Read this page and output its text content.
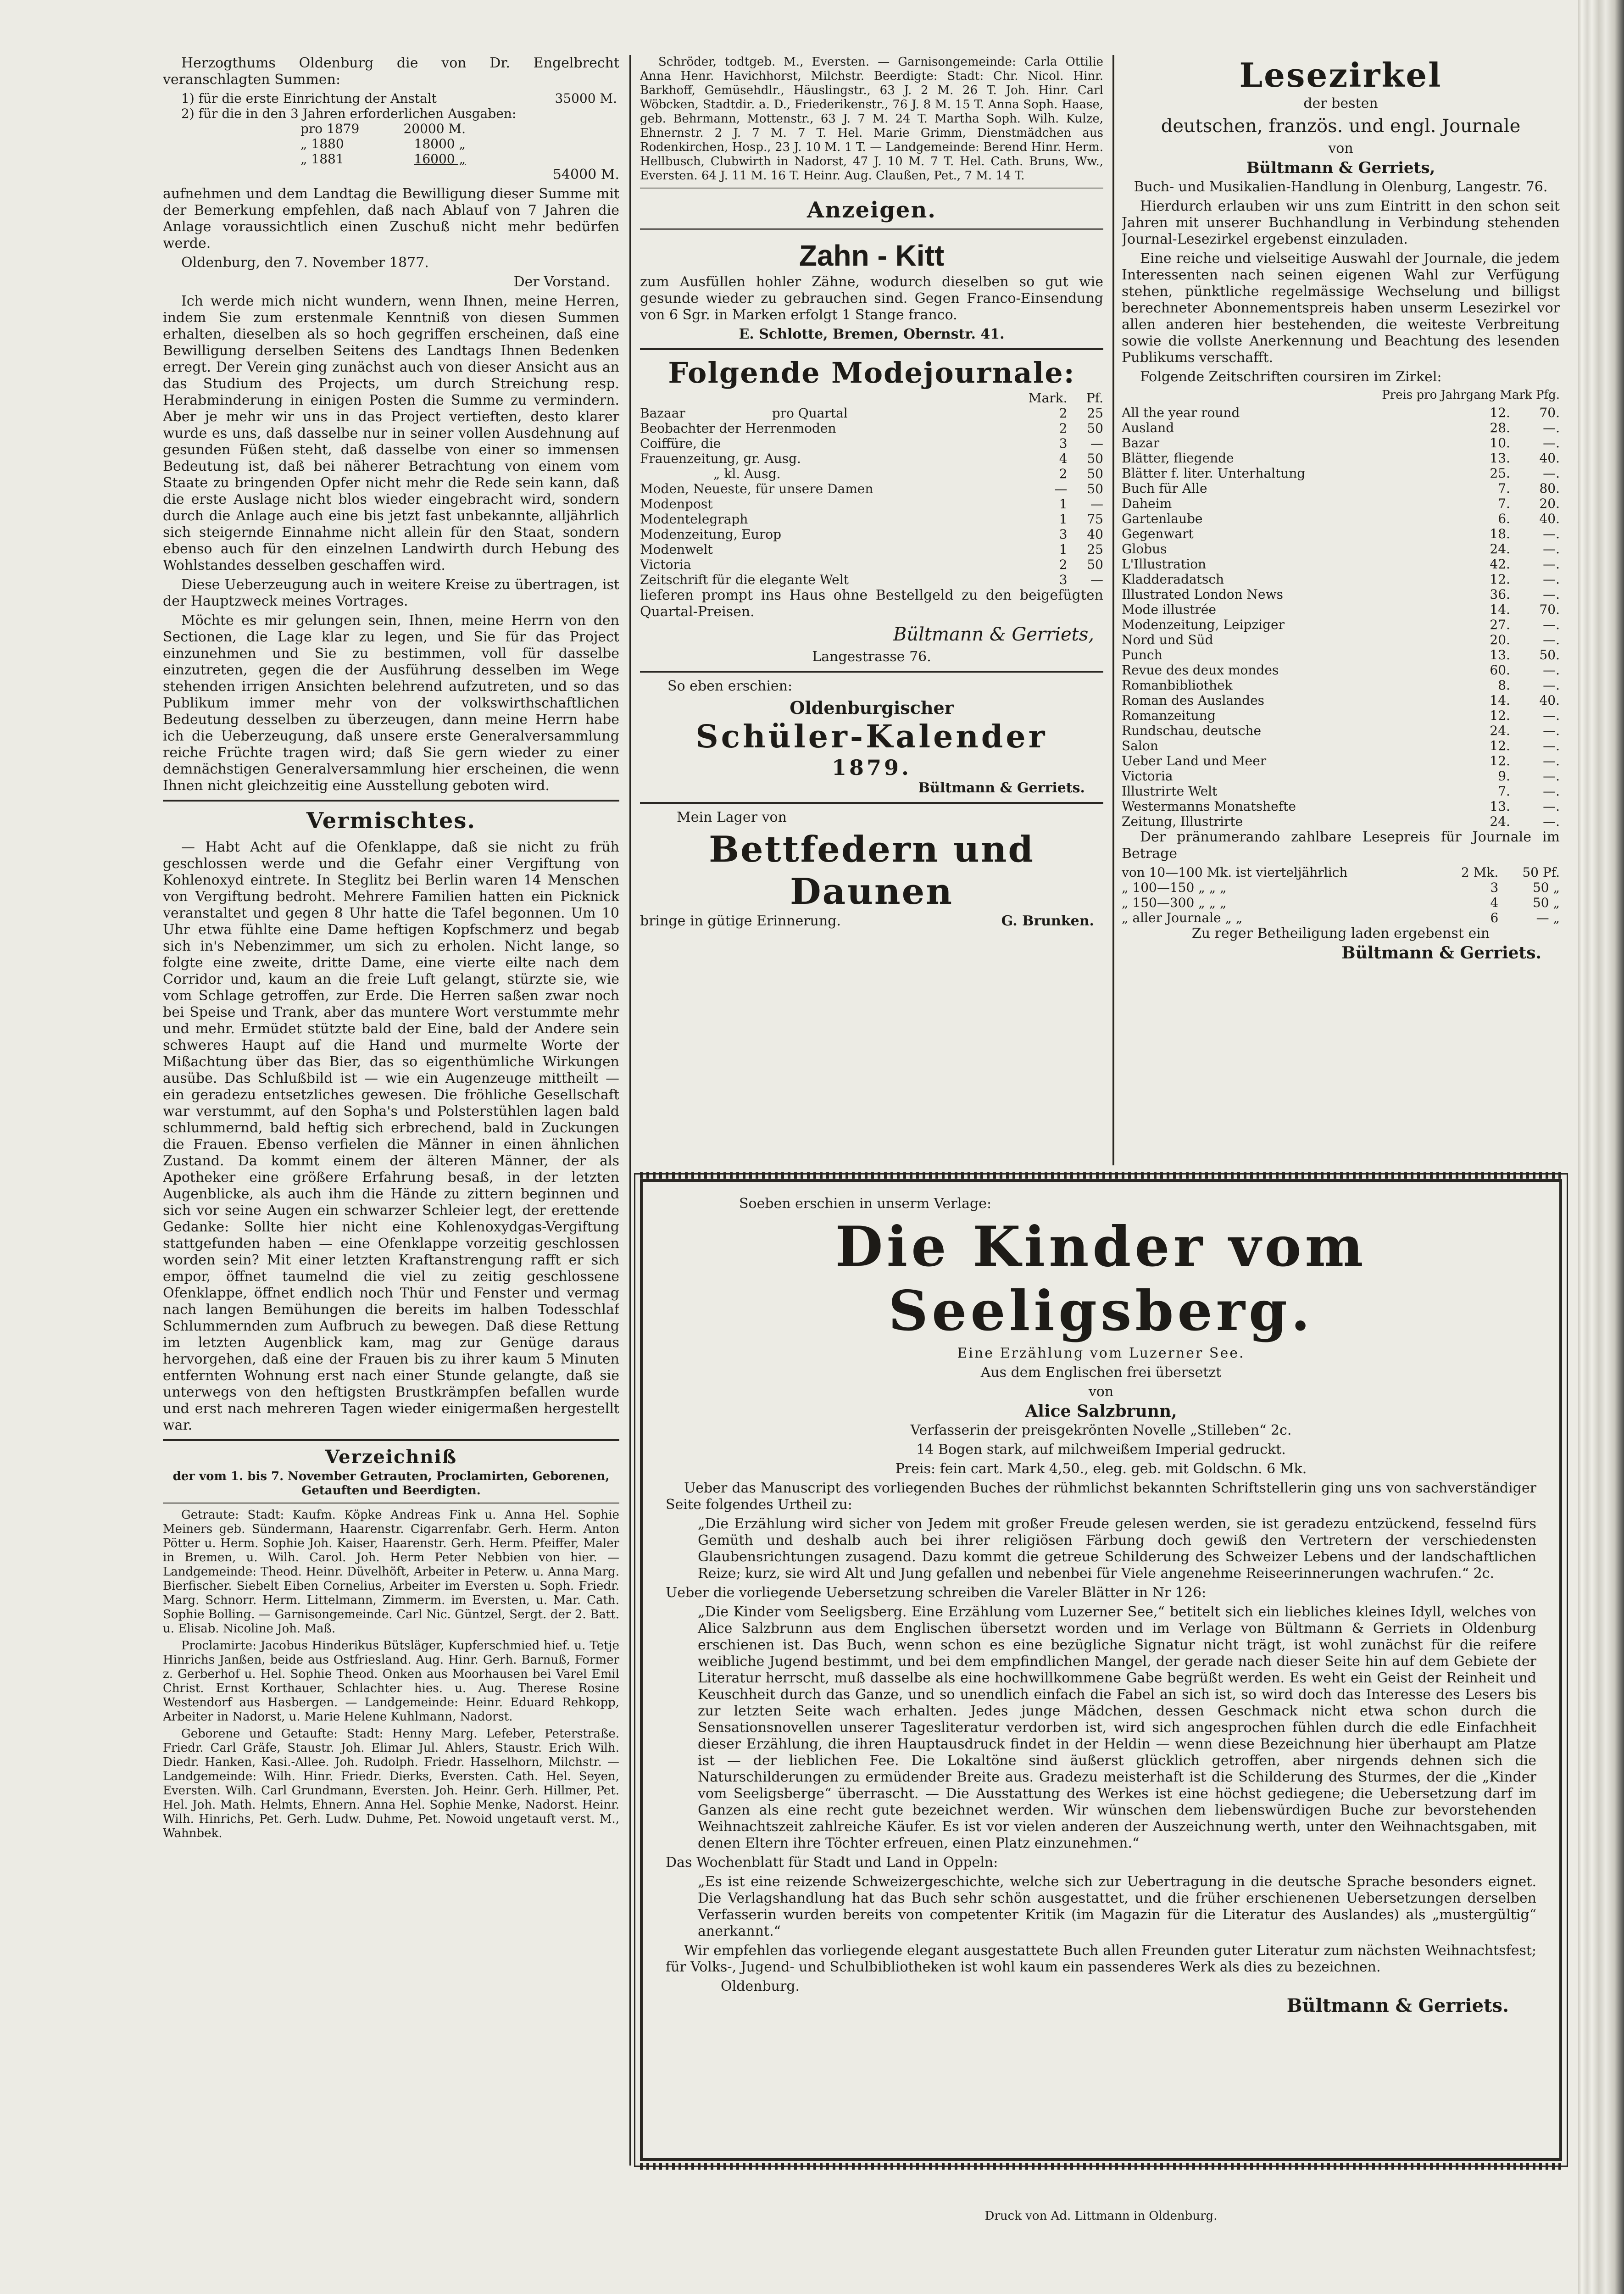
Herzogthums Oldenburg die von Dr. Engelbrecht veranschlagten Summen:

1) für die erste Einrichtung der Anstalt	35000 M.
2) für die in den 3 Jahren erforderlichen Ausgaben:	
pro 1879	20000 M.
„ 1880	18000 „
„ 1881	16000 „

54000 M.

aufnehmen und dem Landtag die Bewilligung dieser Summe mit der Bemerkung empfehlen, daß nach Ablauf von 7 Jahren die Anlage voraussichtlich einen Zuschuß nicht mehr bedürfen werde.

Oldenburg, den 7. November 1877.

Der Vorstand.

Ich werde mich nicht wundern, wenn Ihnen, meine Herren, indem Sie zum erstenmale Kenntniß von diesen Summen erhalten, dieselben als so hoch gegriffen erscheinen, daß eine Bewilligung derselben Seitens des Landtags Ihnen Bedenken erregt. Der Verein ging zunächst auch von dieser Ansicht aus an das Studium des Projects, um durch Streichung resp. Herabminderung in einigen Posten die Summe zu vermindern. Aber je mehr wir uns in das Project vertieften, desto klarer wurde es uns, daß dasselbe nur in seiner vollen Ausdehnung auf gesunden Füßen steht, daß dasselbe von einer so immensen Bedeutung ist, daß bei näherer Betrachtung von einem vom Staate zu bringenden Opfer nicht mehr die Rede sein kann, daß die erste Auslage nicht blos wieder eingebracht wird, sondern durch die Anlage auch eine bis jetzt fast unbekannte, alljährlich sich steigernde Einnahme nicht allein für den Staat, sondern ebenso auch für den einzelnen Landwirth durch Hebung des Wohlstandes desselben geschaffen wird.

Diese Ueberzeugung auch in weitere Kreise zu übertragen, ist der Hauptzweck meines Vortrages.

Möchte es mir gelungen sein, Ihnen, meine Herrn von den Sectionen, die Lage klar zu legen, und Sie für das Project einzunehmen und Sie zu bestimmen, voll für dasselbe einzutreten, gegen die der Ausführung desselben im Wege stehenden irrigen Ansichten belehrend aufzutreten, und so das Publikum immer mehr von der volkswirthschaftlichen Bedeutung desselben zu überzeugen, dann meine Herrn habe ich die Ueberzeugung, daß unsere erste Generalversammlung reiche Früchte tragen wird; daß Sie gern wieder zu einer demnächstigen Generalversammlung hier erscheinen, die wenn Ihnen nicht gleichzeitig eine Ausstellung geboten wird.

Vermischtes.

— Habt Acht auf die Ofenklappe, daß sie nicht zu früh geschlossen werde und die Gefahr einer Vergiftung von Kohlenoxyd eintrete. In Steglitz bei Berlin waren 14 Menschen von Vergiftung bedroht. Mehrere Familien hatten ein Picknick veranstaltet und gegen 8 Uhr hatte die Tafel begonnen. Um 10 Uhr etwa fühlte eine Dame heftigen Kopfschmerz und begab sich in's Nebenzimmer, um sich zu erholen. Nicht lange, so folgte eine zweite, dritte Dame, eine vierte eilte nach dem Corridor und, kaum an die freie Luft gelangt, stürzte sie, wie vom Schlage getroffen, zur Erde. Die Herren saßen zwar noch bei Speise und Trank, aber das muntere Wort verstummte mehr und mehr. Ermüdet stützte bald der Eine, bald der Andere sein schweres Haupt auf die Hand und murmelte Worte der Mißachtung über das Bier, das so eigenthümliche Wirkungen ausübe. Das Schlußbild ist — wie ein Augenzeuge mittheilt — ein geradezu entsetzliches gewesen. Die fröhliche Gesellschaft war verstummt, auf den Sopha's und Polsterstühlen lagen bald schlummernd, bald heftig sich erbrechend, bald in Zuckungen die Frauen. Ebenso verfielen die Männer in einen ähnlichen Zustand. Da kommt einem der älteren Männer, der als Apotheker eine größere Erfahrung besaß, in der letzten Augenblicke, als auch ihm die Hände zu zittern beginnen und sich vor seine Augen ein schwarzer Schleier legt, der erettende Gedanke: Sollte hier nicht eine Kohlenoxydgas-Vergiftung stattgefunden haben — eine Ofenklappe vorzeitig geschlossen worden sein? Mit einer letzten Kraftanstrengung rafft er sich empor, öffnet taumelnd die viel zu zeitig geschlossene Ofenklappe, öffnet endlich noch Thür und Fenster und vermag nach langen Bemühungen die bereits im halben Todesschlaf Schlummernden zum Aufbruch zu bewegen. Daß diese Rettung im letzten Augenblick kam, mag zur Genüge daraus hervorgehen, daß eine der Frauen bis zu ihrer kaum 5 Minuten entfernten Wohnung erst nach einer Stunde gelangte, daß sie unterwegs von den heftigsten Brustkrämpfen befallen wurde und erst nach mehreren Tagen wieder einigermaßen hergestellt war.

Verzeichniß

der vom 1. bis 7. November Getrauten, Proclamirten, Geborenen, Getauften und Beerdigten.

Getraute: Stadt: Kaufm. Köpke Andreas Fink u. Anna Hel. Sophie Meiners geb. Sündermann, Haarenstr. Cigarrenfabr. Gerh. Herm. Anton Pötter u. Herm. Sophie Joh. Kaiser, Haarenstr. Gerh. Herm. Pfeiffer, Maler in Bremen, u. Wilh. Carol. Joh. Herm Peter Nebbien von hier. — Landgemeinde: Theod. Heinr. Düvelhöft, Arbeiter in Peterw. u. Anna Marg. Bierfischer. Siebelt Eiben Cornelius, Arbeiter im Eversten u. Soph. Friedr. Marg. Schnorr. Herm. Littelmann, Zimmerm. im Eversten, u. Mar. Cath. Sophie Bolling. — Garnisongemeinde. Carl Nic. Güntzel, Sergt. der 2. Batt. u. Elisab. Nicoline Joh. Maß.

Proclamirte: Jacobus Hinderikus Bütsläger, Kupferschmied hief. u. Tetje Hinrichs Janßen, beide aus Ostfriesland. Aug. Hinr. Gerh. Barnuß, Former z. Gerberhof u. Hel. Sophie Theod. Onken aus Moorhausen bei Varel Emil Christ. Ernst Korthauer, Schlachter hies. u. Aug. Therese Rosine Westendorf aus Hasbergen. — Landgemeinde: Heinr. Eduard Rehkopp, Arbeiter in Nadorst, u. Marie Helene Kuhlmann, Nadorst.

Geborene und Getaufte: Stadt: Henny Marg. Lefeber, Peterstraße. Friedr. Carl Gräfe, Staustr. Joh. Elimar Jul. Ahlers, Staustr. Erich Wilh. Diedr. Hanken, Kasi.-Allee. Joh. Rudolph. Friedr. Hasselhorn, Milchstr. — Landgemeinde: Wilh. Hinr. Friedr. Dierks, Eversten. Cath. Hel. Seyen, Eversten. Wilh. Carl Grundmann, Eversten. Joh. Heinr. Gerh. Hillmer, Pet. Hel. Joh. Math. Helmts, Ehnern. Anna Hel. Sophie Menke, Nadorst. Heinr. Wilh. Hinrichs, Pet. Gerh. Ludw. Duhme, Pet. Nowoid ungetauft verst. M., Wahnbek.

Schröder, todtgeb. M., Eversten. — Garnisongemeinde: Carla Ottilie Anna Henr. Havichhorst, Milchstr. Beerdigte: Stadt: Chr. Nicol. Hinr. Barkhoff, Gemüsehdlr., Häuslingstr., 63 J. 2 M. 26 T. Joh. Hinr. Carl Wöbcken, Stadtdir. a. D., Friederikenstr., 76 J. 8 M. 15 T. Anna Soph. Haase, geb. Behrmann, Mottenstr., 63 J. 7 M. 24 T. Martha Soph. Wilh. Kulze, Ehnernstr. 2 J. 7 M. 7 T. Hel. Marie Grimm, Dienstmädchen aus Rodenkirchen, Hosp., 23 J. 10 M. 1 T. — Landgemeinde: Berend Hinr. Herm. Hellbusch, Clubwirth in Nadorst, 47 J. 10 M. 7 T. Hel. Cath. Bruns, Ww., Eversten. 64 J. 11 M. 16 T. Heinr. Aug. Claußen, Pet., 7 M. 14 T.

Anzeigen.
Zahn - Kitt

zum Ausfüllen hohler Zähne, wodurch dieselben so gut wie gesunde wieder zu gebrauchen sind. Gegen Franco-Einsendung von 6 Sgr. in Marken erfolgt 1 Stange franco.

E. Schlotte, Bremen, Obernstr. 41.

Folgende Modejournale:
	Mark.	Pf.
Bazaar pro Quartal	2	25
Beobachter der Herrenmoden	2	50
Coiffüre, die	3	—
Frauenzeitung, gr. Ausg.	4	50
„ kl. Ausg.	2	50
Moden, Neueste, für unsere Damen	—	50
Modenpost	1	—
Modentelegraph	1	75
Modenzeitung, Europ	3	40
Modenwelt	1	25
Victoria	2	50
Zeitschrift für die elegante Welt	3	—

lieferen prompt ins Haus ohne Bestellgeld zu den beigefügten Quartal-Preisen.

Bültmann & Gerriets,

Langestrasse 76.

So eben erschien:

Oldenburgischer
Schüler-Kalender
1879.

Bültmann & Gerriets.

Mein Lager von

Bettfedern und Daunen

bringe in gütige Erinnerung.	G. Brunken.

Lesezirkel

der besten

deutschen, französ. und engl. Journale

von

Bültmann & Gerriets,

Buch- und Musikalien-Handlung in Olenburg, Langestr. 76.

Hierdurch erlauben wir uns zum Eintritt in den schon seit Jahren mit unserer Buchhandlung in Verbindung stehenden Journal-Lesezirkel ergebenst einzuladen.

Eine reiche und vielseitige Auswahl der Journale, die jedem Interessenten nach seinen eigenen Wahl zur Verfügung stehen, pünktliche regelmässige Wechselung und billigst berechneter Abonnementspreis haben unserm Lesezirkel vor allen anderen hier bestehenden, die weiteste Verbreitung sowie die vollste Anerkennung und Beachtung des lesenden Publikums verschafft.

Folgende Zeitschriften coursiren im Zirkel:

Preis pro Jahrgang Mark Pfg.

All the year round	12.	70.
Ausland	28.	—.
Bazar	10.	—.
Blätter, fliegende	13.	40.
Blätter f. liter. Unterhaltung	25.	—.
Buch für Alle	7.	80.
Daheim	7.	20.
Gartenlaube	6.	40.
Gegenwart	18.	—.
Globus	24.	—.
L'Illustration	42.	—.
Kladderadatsch	12.	—.
Illustrated London News	36.	—.
Mode illustrée	14.	70.
Modenzeitung, Leipziger	27.	—.
Nord und Süd	20.	—.
Punch	13.	50.
Revue des deux mondes	60.	—.
Romanbibliothek	8.	—.
Roman des Auslandes	14.	40.
Romanzeitung	12.	—.
Rundschau, deutsche	24.	—.
Salon	12.	—.
Ueber Land und Meer	12.	—.
Victoria	9.	—.
Illustrirte Welt	7.	—.
Westermanns Monatshefte	13.	—.
Zeitung, Illustrirte	24.	—.

Der pränumerando zahlbare Lesepreis für Journale im Betrage

von 10—100 Mk. ist vierteljährlich	2 Mk.	50 Pf.
„ 100—150 „ „ „	3	50 „
„ 150—300 „ „ „	4	50 „
„ aller Journale „ „	6	— „

Zu reger Betheiligung laden ergebenst ein

Bültmann & Gerriets.

Soeben erschien in unserm Verlage:

Die Kinder vom Seeligsberg.

Eine Erzählung vom Luzerner See.

Aus dem Englischen frei übersetzt

von

Alice Salzbrunn,

Verfasserin der preisgekrönten Novelle „Stilleben“ 2c.

14 Bogen stark, auf milchweißem Imperial gedruckt.

Preis: fein cart. Mark 4,50., eleg. geb. mit Goldschn. 6 Mk.

Ueber das Manuscript des vorliegenden Buches der rühmlichst bekannten Schriftstellerin ging uns von sachverständiger Seite folgendes Urtheil zu:

„Die Erzählung wird sicher von Jedem mit großer Freude gelesen werden, sie ist geradezu entzückend, fesselnd fürs Gemüth und deshalb auch bei ihrer religiösen Färbung doch gewiß den Vertretern der verschiedensten Glaubensrichtungen zusagend. Dazu kommt die getreue Schilderung des Schweizer Lebens und der landschaftlichen Reize; kurz, sie wird Alt und Jung gefallen und nebenbei für Viele angenehme Reiseerinnerungen wachrufen.“ 2c.

Ueber die vorliegende Uebersetzung schreiben die Vareler Blätter in Nr 126:

„Die Kinder vom Seeligsberg. Eine Erzählung vom Luzerner See,“ betitelt sich ein liebliches kleines Idyll, welches von Alice Salzbrunn aus dem Englischen übersetzt worden und im Verlage von Bültmann & Gerriets in Oldenburg erschienen ist. Das Buch, wenn schon es eine bezügliche Signatur nicht trägt, ist wohl zunächst für die reifere weibliche Jugend bestimmt, und bei dem empfindlichen Mangel, der gerade nach dieser Seite hin auf dem Gebiete der Literatur herrscht, muß dasselbe als eine hochwillkommene Gabe begrüßt werden. Es weht ein Geist der Reinheit und Keuschheit durch das Ganze, und so unendlich einfach die Fabel an sich ist, so wird doch das Interesse des Lesers bis zur letzten Seite wach erhalten. Jedes junge Mädchen, dessen Geschmack nicht etwa schon durch die Sensationsnovellen unserer Tagesliteratur verdorben ist, wird sich angesprochen fühlen durch die edle Einfachheit dieser Erzählung, die ihren Hauptausdruck findet in der Heldin — wenn diese Bezeichnung hier überhaupt am Platze ist — der lieblichen Fee. Die Lokaltöne sind äußerst glücklich getroffen, aber nirgends dehnen sich die Naturschilderungen zu ermüdender Breite aus. Gradezu meisterhaft ist die Schilderung des Sturmes, der die „Kinder vom Seeligsberge“ überrascht. — Die Ausstattung des Werkes ist eine höchst gediegene; die Uebersetzung darf im Ganzen als eine recht gute bezeichnet werden. Wir wünschen dem liebenswürdigen Buche zur bevorstehenden Weihnachtszeit zahlreiche Käufer. Es ist vor vielen anderen der Auszeichnung werth, unter den Weihnachtsgaben, mit denen Eltern ihre Töchter erfreuen, einen Platz einzunehmen.“

Das Wochenblatt für Stadt und Land in Oppeln:

„Es ist eine reizende Schweizergeschichte, welche sich zur Uebertragung in die deutsche Sprache besonders eignet. Die Verlagshandlung hat das Buch sehr schön ausgestattet, und die früher erschienenen Uebersetzungen derselben Verfasserin wurden bereits von competenter Kritik (im Magazin für die Literatur des Auslandes) als „mustergültig“ anerkannt.“

Wir empfehlen das vorliegende elegant ausgestattete Buch allen Freunden guter Literatur zum nächsten Weihnachtsfest; für Volks-, Jugend- und Schulbibliotheken ist wohl kaum ein passenderes Werk als dies zu bezeichnen.

Oldenburg.

Bültmann & Gerriets.

Druck von Ad. Littmann in Oldenburg.
